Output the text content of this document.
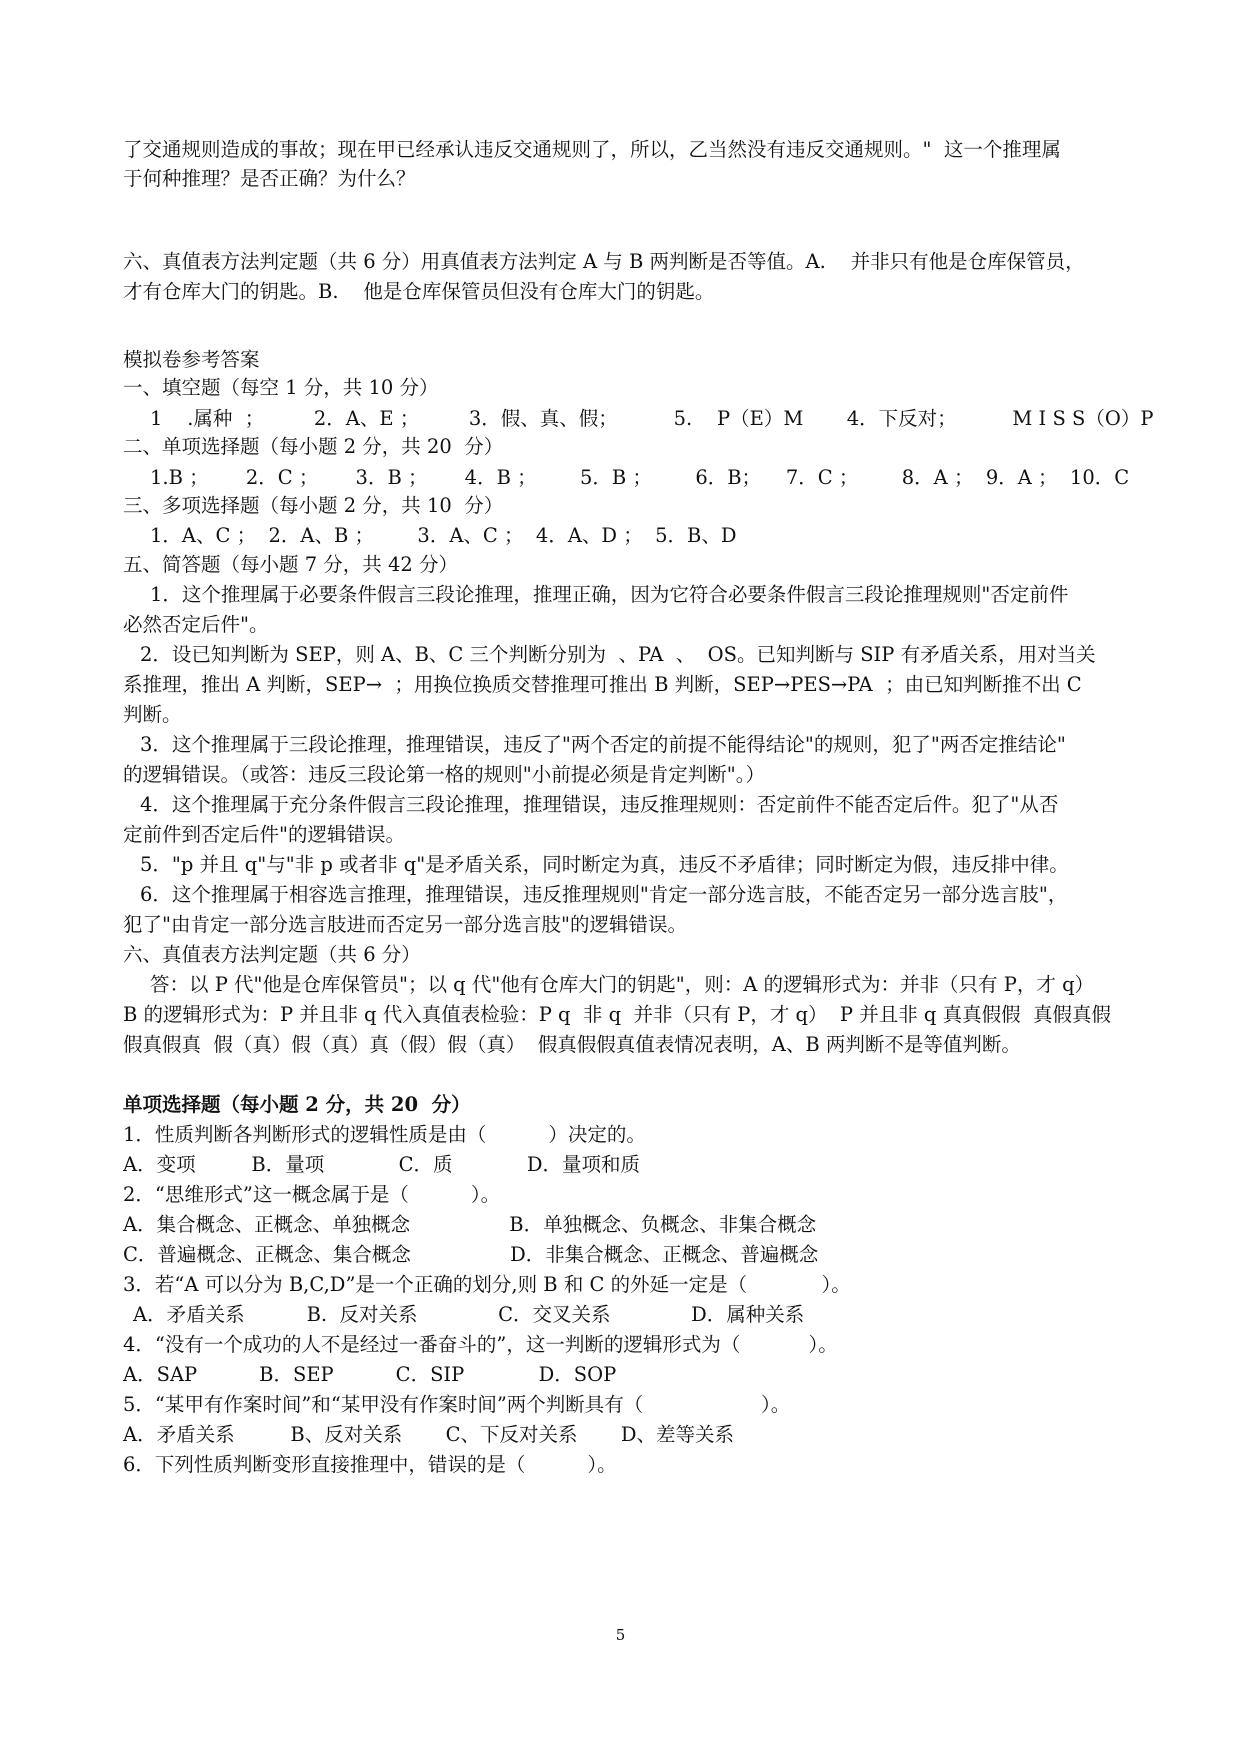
了交通规则造成的事故；现在甲已经承认违反交通规则了，所以，乙当然没有违反交通规则。"  这一个推理属
于何种推理？是否正确？为什么？
六、真值表方法判定题（共 6 分）用真值表方法判定 A 与 B 两判断是否等值。A.    并非只有他是仓库保管员，
才有仓库大门的钥匙。B.    他是仓库保管员但没有仓库大门的钥匙。
模拟卷参考答案
一、填空题（每空 1 分，共 10 分）
1    .属种  ；        2．A、E ；        3．假、真、假；         5.    P（E）M       4．下反对；         M I S S（O）P
二、单项选择题（每小题 2 分，共 20  分）
1.B ；      2．C ；      3．B ；      4．B ；       5．B ；       6．B；    7．C ；       8．A ；  9．A ；  10．C
三、多项选择题（每小题 2 分，共 10  分）
1．A、C ；  2．A、B ；       3．A、C ；  4．A、D ；  5．B、D
五、简答题（每小题 7 分，共 42 分）
1．这个推理属于必要条件假言三段论推理，推理正确，因为它符合必要条件假言三段论推理规则"否定前件
必然否定后件"。
2．设已知判断为 SEP，则 A、B、C 三个判断分别为  、PA  、  OS。已知判断与 SIP 有矛盾关系，用对当关
系推理，推出 A 判断，SEP→  ；用换位换质交替推理可推出 B 判断，SEP→PES→PA  ；由已知判断推不出 C
判断。
3．这个推理属于三段论推理，推理错误，违反了"两个否定的前提不能得结论"的规则，犯了"两否定推结论"
的逻辑错误。（或答：违反三段论第一格的规则"小前提必须是肯定判断"。）
4．这个推理属于充分条件假言三段论推理，推理错误，违反推理规则：否定前件不能否定后件。犯了"从否
定前件到否定后件"的逻辑错误。
5．"p 并且 q"与"非 p 或者非 q"是矛盾关系，同时断定为真，违反不矛盾律；同时断定为假，违反排中律。
6．这个推理属于相容选言推理，推理错误，违反推理规则"肯定一部分选言肢，不能否定另一部分选言肢"，
犯了"由肯定一部分选言肢进而否定另一部分选言肢"的逻辑错误。
六、真值表方法判定题（共 6 分）
答：以 P 代"他是仓库保管员"；以 q 代"他有仓库大门的钥匙"，则：A 的逻辑形式为：并非（只有 P，才 q）
B 的逻辑形式为：P 并且非 q 代入真值表检验：P q  非 q  并非（只有 P，才 q）  P 并且非 q 真真假假  真假真假
假真假真  假（真）假（真）真（假）假（真）  假真假假真值表情况表明，A、B 两判断不是等值判断。
单项选择题（每小题 2 分，共 20  分）
1．性质判断各判断形式的逻辑性质是由（          ）决定的。
A．变项         B．量项            C．质            D．量项和质
2．“思维形式”这一概念属于是（          ）。
A．集合概念、正概念、单独概念                B．单独概念、负概念、非集合概念
C．普遍概念、正概念、集合概念                D．非集合概念、正概念、普遍概念
3．若“A 可以分为 B,C,D”是一个正确的划分,则 B 和 C 的外延一定是（            ）。
A．矛盾关系          B.  反对关系             C．交叉关系             D．属种关系
4．“没有一个成功的人不是经过一番奋斗的”，这一判断的逻辑形式为（           ）。
A．SAP          B．SEP          C．SIP            D．SOP
5．“某甲有作案时间”和“某甲没有作案时间”两个判断具有（                   ）。
A．矛盾关系         B、反对关系       C、下反对关系       D、差等关系
6．下列性质判断变形直接推理中，错误的是（          ）。
5
